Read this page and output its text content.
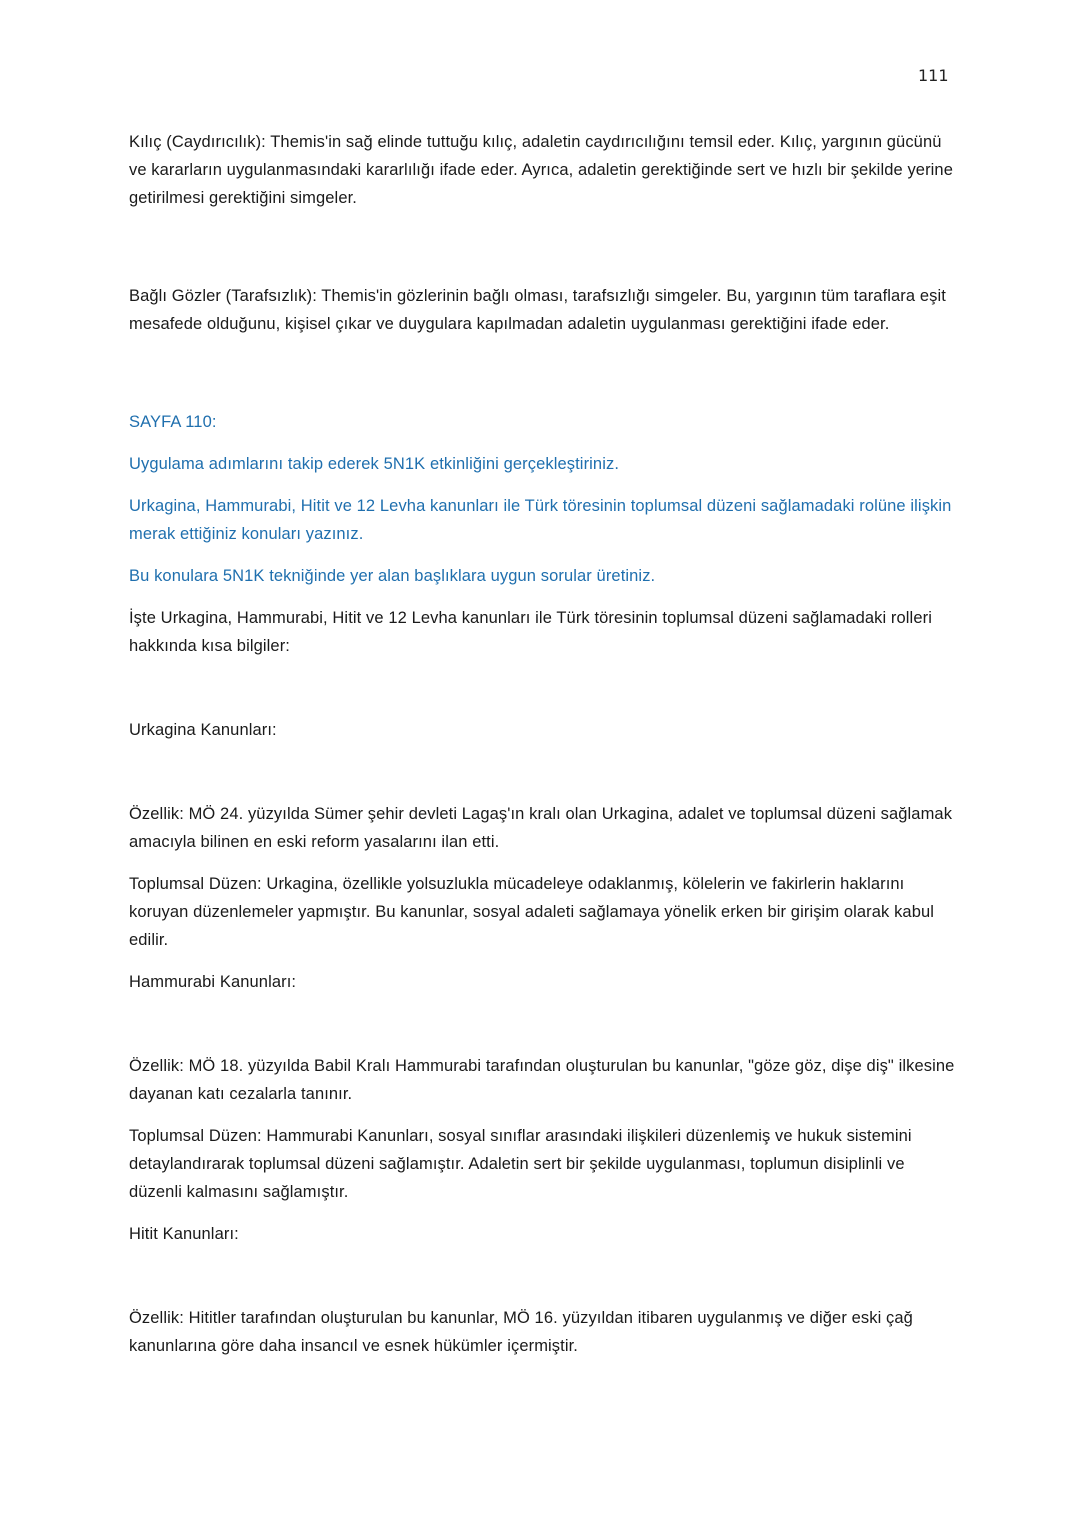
111

Kılıç (Caydırıcılık): Themis'in sağ elinde tuttuğu kılıç, adaletin caydırıcılığını temsil eder. Kılıç, yargının gücünü ve kararların uygulanmasındaki kararlılığı ifade eder. Ayrıca, adaletin gerektiğinde sert ve hızlı bir şekilde yerine getirilmesi gerektiğini simgeler.

Bağlı Gözler (Tarafsızlık): Themis'in gözlerinin bağlı olması, tarafsızlığı simgeler. Bu, yargının tüm taraflara eşit mesafede olduğunu, kişisel çıkar ve duygulara kapılmadan adaletin uygulanması gerektiğini ifade eder.

SAYFA 110:

Uygulama adımlarını takip ederek 5N1K etkinliğini gerçekleştiriniz.

Urkagina, Hammurabi, Hitit ve 12 Levha kanunları ile Türk töresinin toplumsal düzeni sağlamadaki rolüne ilişkin merak ettiğiniz konuları yazınız.

Bu konulara 5N1K tekniğinde yer alan başlıklara uygun sorular üretiniz.

İşte Urkagina, Hammurabi, Hitit ve 12 Levha kanunları ile Türk töresinin toplumsal düzeni sağlamadaki rolleri hakkında kısa bilgiler:

Urkagina Kanunları:

Özellik: MÖ 24. yüzyılda Sümer şehir devleti Lagaş'ın kralı olan Urkagina, adalet ve toplumsal düzeni sağlamak amacıyla bilinen en eski reform yasalarını ilan etti.

Toplumsal Düzen: Urkagina, özellikle yolsuzlukla mücadeleye odaklanmış, kölelerin ve fakirlerin haklarını koruyan düzenlemeler yapmıştır. Bu kanunlar, sosyal adaleti sağlamaya yönelik erken bir girişim olarak kabul edilir.

Hammurabi Kanunları:

Özellik: MÖ 18. yüzyılda Babil Kralı Hammurabi tarafından oluşturulan bu kanunlar, "göze göz, dişe diş" ilkesine dayanan katı cezalarla tanınır.

Toplumsal Düzen: Hammurabi Kanunları, sosyal sınıflar arasındaki ilişkileri düzenlemiş ve hukuk sistemini detaylandırarak toplumsal düzeni sağlamıştır. Adaletin sert bir şekilde uygulanması, toplumun disiplinli ve düzenli kalmasını sağlamıştır.

Hitit Kanunları:

Özellik: Hititler tarafından oluşturulan bu kanunlar, MÖ 16. yüzyıldan itibaren uygulanmış ve diğer eski çağ kanunlarına göre daha insancıl ve esnek hükümler içermiştir.
